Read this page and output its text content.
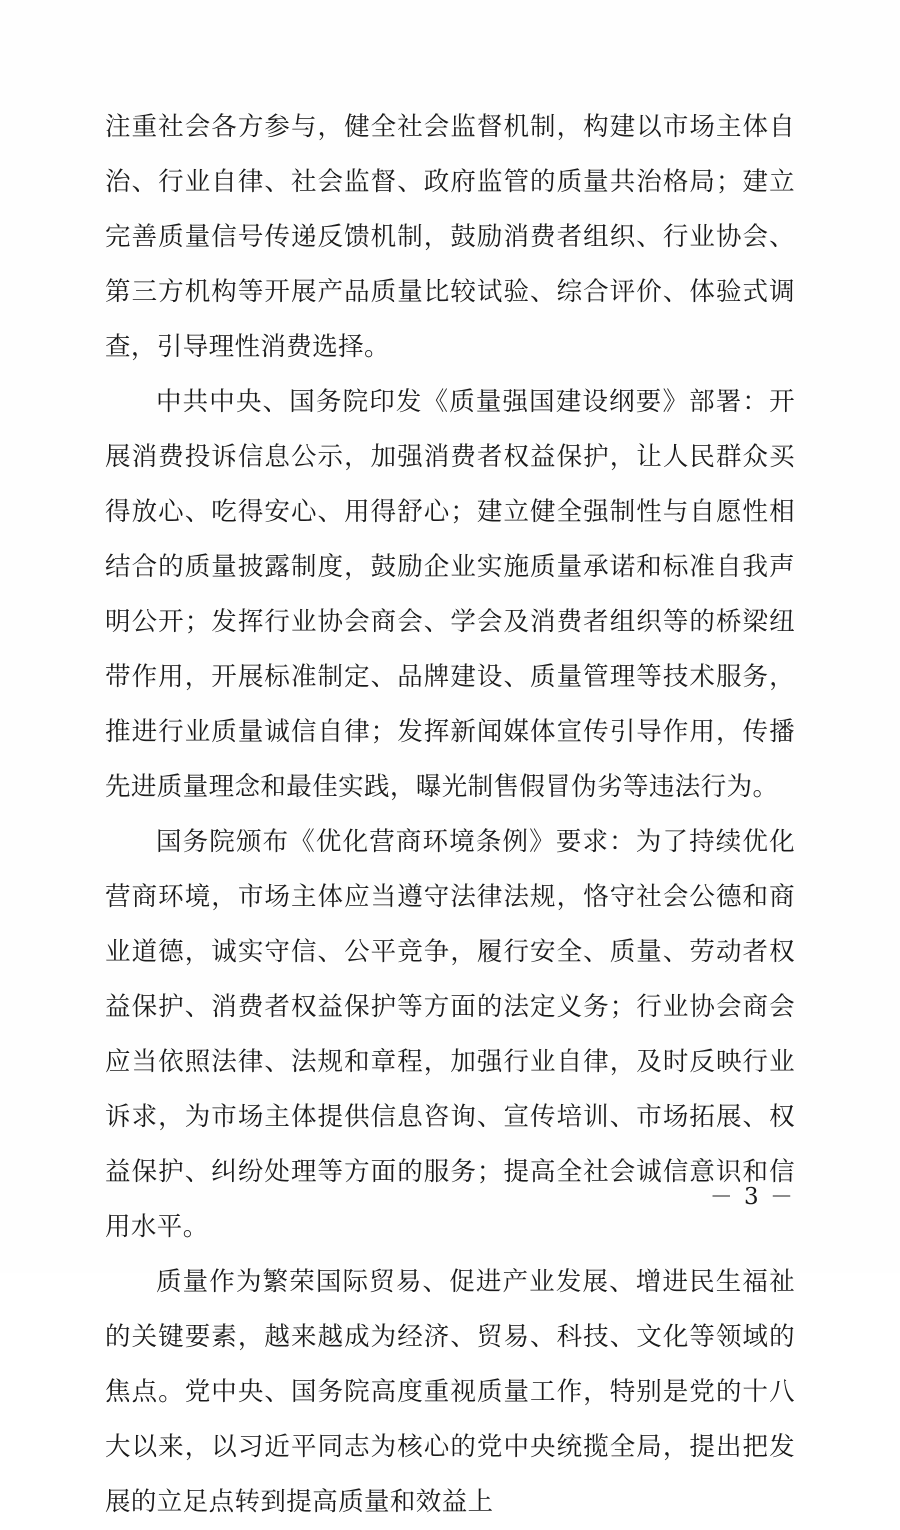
注重社会各方参与，健全社会监督机制，构建以市场主体自治、行业自律、社会监督、政府监管的质量共治格局；建立完善质量信号传递反馈机制，鼓励消费者组织、行业协会、第三方机构等开展产品质量比较试验、综合评价、体验式调查，引导理性消费选择。

中共中央、国务院印发《质量强国建设纲要》部署：开展消费投诉信息公示，加强消费者权益保护，让人民群众买得放心、吃得安心、用得舒心；建立健全强制性与自愿性相结合的质量披露制度，鼓励企业实施质量承诺和标准自我声明公开；发挥行业协会商会、学会及消费者组织等的桥梁纽带作用，开展标准制定、品牌建设、质量管理等技术服务，推进行业质量诚信自律；发挥新闻媒体宣传引导作用，传播先进质量理念和最佳实践，曝光制售假冒伪劣等违法行为。

国务院颁布《优化营商环境条例》要求：为了持续优化营商环境，市场主体应当遵守法律法规，恪守社会公德和商业道德，诚实守信、公平竞争，履行安全、质量、劳动者权益保护、消费者权益保护等方面的法定义务；行业协会商会应当依照法律、法规和章程，加强行业自律，及时反映行业诉求，为市场主体提供信息咨询、宣传培训、市场拓展、权益保护、纠纷处理等方面的服务；提高全社会诚信意识和信用水平。

质量作为繁荣国际贸易、促进产业发展、增进民生福祉的关键要素，越来越成为经济、贸易、科技、文化等领域的焦点。党中央、国务院高度重视质量工作，特别是党的十八大以来，以习近平同志为核心的党中央统揽全局，提出把发展的立足点转到提高质量和效益上

－ 3 －
